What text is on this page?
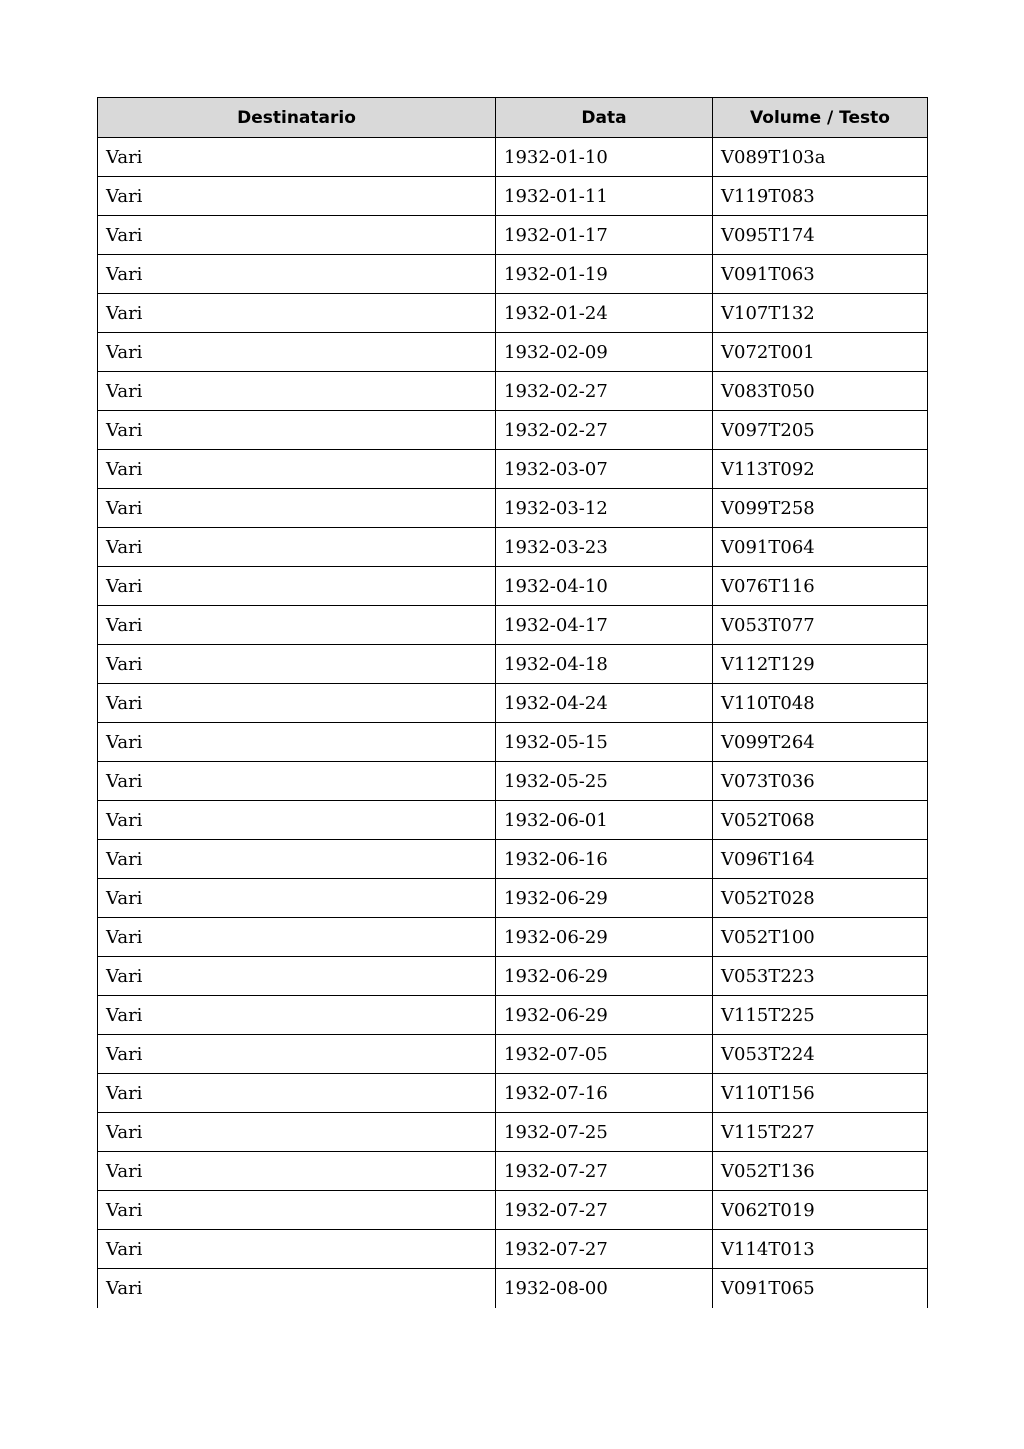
Destinatario	Data	Volume / Testo
Vari	1932-01-10	V089T103a
Vari	1932-01-11	V119T083
Vari	1932-01-17	V095T174
Vari	1932-01-19	V091T063
Vari	1932-01-24	V107T132
Vari	1932-02-09	V072T001
Vari	1932-02-27	V083T050
Vari	1932-02-27	V097T205
Vari	1932-03-07	V113T092
Vari	1932-03-12	V099T258
Vari	1932-03-23	V091T064
Vari	1932-04-10	V076T116
Vari	1932-04-17	V053T077
Vari	1932-04-18	V112T129
Vari	1932-04-24	V110T048
Vari	1932-05-15	V099T264
Vari	1932-05-25	V073T036
Vari	1932-06-01	V052T068
Vari	1932-06-16	V096T164
Vari	1932-06-29	V052T028
Vari	1932-06-29	V052T100
Vari	1932-06-29	V053T223
Vari	1932-06-29	V115T225
Vari	1932-07-05	V053T224
Vari	1932-07-16	V110T156
Vari	1932-07-25	V115T227
Vari	1932-07-27	V052T136
Vari	1932-07-27	V062T019
Vari	1932-07-27	V114T013
Vari	1932-08-00	V091T065
